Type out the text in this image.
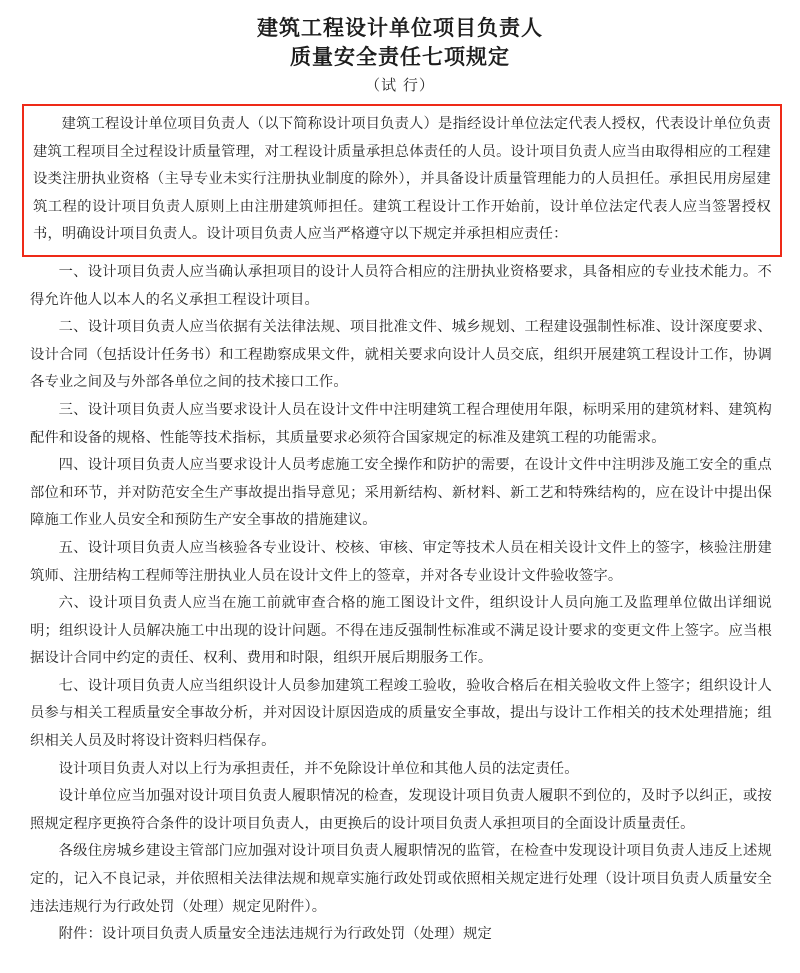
建筑工程设计单位项目负责人
质量安全责任七项规定
（试 行）

建筑工程设计单位项目负责人（以下简称设计项目负责人）是指经设计单位法定代表人授权，代表设计单位负责建筑工程项目全过程设计质量管理，对工程设计质量承担总体责任的人员。设计项目负责人应当由取得相应的工程建设类注册执业资格（主导专业未实行注册执业制度的除外），并具备设计质量管理能力的人员担任。承担民用房屋建筑工程的设计项目负责人原则上由注册建筑师担任。建筑工程设计工作开始前，设计单位法定代表人应当签署授权书，明确设计项目负责人。设计项目负责人应当严格遵守以下规定并承担相应责任：

一、设计项目负责人应当确认承担项目的设计人员符合相应的注册执业资格要求，具备相应的专业技术能力。不得允许他人以本人的名义承担工程设计项目。

二、设计项目负责人应当依据有关法律法规、项目批准文件、城乡规划、工程建设强制性标准、设计深度要求、设计合同（包括设计任务书）和工程勘察成果文件，就相关要求向设计人员交底，组织开展建筑工程设计工作，协调各专业之间及与外部各单位之间的技术接口工作。

三、设计项目负责人应当要求设计人员在设计文件中注明建筑工程合理使用年限，标明采用的建筑材料、建筑构配件和设备的规格、性能等技术指标，其质量要求必须符合国家规定的标准及建筑工程的功能需求。

四、设计项目负责人应当要求设计人员考虑施工安全操作和防护的需要，在设计文件中注明涉及施工安全的重点部位和环节，并对防范安全生产事故提出指导意见；采用新结构、新材料、新工艺和特殊结构的，应在设计中提出保障施工作业人员安全和预防生产安全事故的措施建议。

五、设计项目负责人应当核验各专业设计、校核、审核、审定等技术人员在相关设计文件上的签字，核验注册建筑师、注册结构工程师等注册执业人员在设计文件上的签章，并对各专业设计文件验收签字。

六、设计项目负责人应当在施工前就审查合格的施工图设计文件，组织设计人员向施工及监理单位做出详细说明；组织设计人员解决施工中出现的设计问题。不得在违反强制性标准或不满足设计要求的变更文件上签字。应当根据设计合同中约定的责任、权利、费用和时限，组织开展后期服务工作。

七、设计项目负责人应当组织设计人员参加建筑工程竣工验收，验收合格后在相关验收文件上签字；组织设计人员参与相关工程质量安全事故分析，并对因设计原因造成的质量安全事故，提出与设计工作相关的技术处理措施；组织相关人员及时将设计资料归档保存。

设计项目负责人对以上行为承担责任，并不免除设计单位和其他人员的法定责任。

设计单位应当加强对设计项目负责人履职情况的检查，发现设计项目负责人履职不到位的，及时予以纠正，或按照规定程序更换符合条件的设计项目负责人，由更换后的设计项目负责人承担项目的全面设计质量责任。

各级住房城乡建设主管部门应加强对设计项目负责人履职情况的监管，在检查中发现设计项目负责人违反上述规定的，记入不良记录，并依照相关法律法规和规章实施行政处罚或依照相关规定进行处理（设计项目负责人质量安全违法违规行为行政处罚（处理）规定见附件）。

附件：设计项目负责人质量安全违法违规行为行政处罚（处理）规定
